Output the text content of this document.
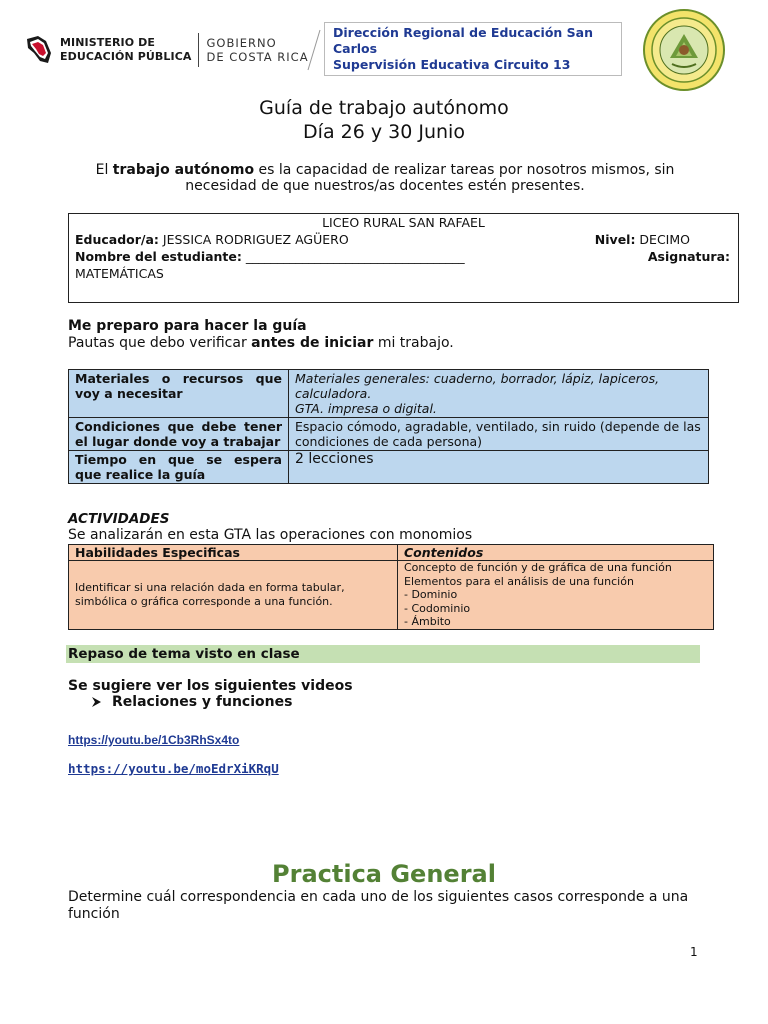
MINISTERIO DE
EDUCACIÓN PÚBLICA
GOBIERNO
DE COSTA RICA
Dirección Regional de Educación San
Carlos
Supervisión Educativa Circuito 13
Guía de trabajo autónomo
Día 26 y 30 Junio
El trabajo autónomo es la capacidad de realizar tareas por nosotros mismos, sin necesidad de que nuestros/as docentes estén presentes.
LICEO RURAL SAN RAFAEL
Educador/a: JESSICA RODRIGUEZ AGÜERO	Nivel: DECIMO
Nombre del estudiante: ___________________________________	Asignatura:
MATEMÁTICAS
Me preparo para hacer la guía
Pautas que debo verificar antes de iniciar mi trabajo.
Materiales o recursos que voy a necesitar	Materiales generales: cuaderno, borrador, lápiz, lapiceros, calculadora.
GTA. impresa o digital.

Condiciones que debe tener el lugar donde voy a trabajar	Espacio cómodo, agradable, ventilado, sin ruido (depende de las condiciones de cada persona)
Tiempo en que se espera que realice la guía	2 lecciones
ACTIVIDADES
Se analizarán en esta GTA las operaciones con monomios
Habilidades Especificas	Contenidos
Identificar si una relación dada en forma tabular, simbólica o gráfica corresponde a una función.	Concepto de función y de gráfica de una función
Elementos para el análisis de una función
- Dominio
- Codominio
- Ámbito
Repaso de tema visto en clase
Se sugiere ver los siguientes videos
Relaciones y funciones
https://youtu.be/1Cb3RhSx4to
https://youtu.be/moEdrXiKRqU
Practica General
Determine cuál correspondencia en cada uno de los siguientes casos corresponde a una función
1
